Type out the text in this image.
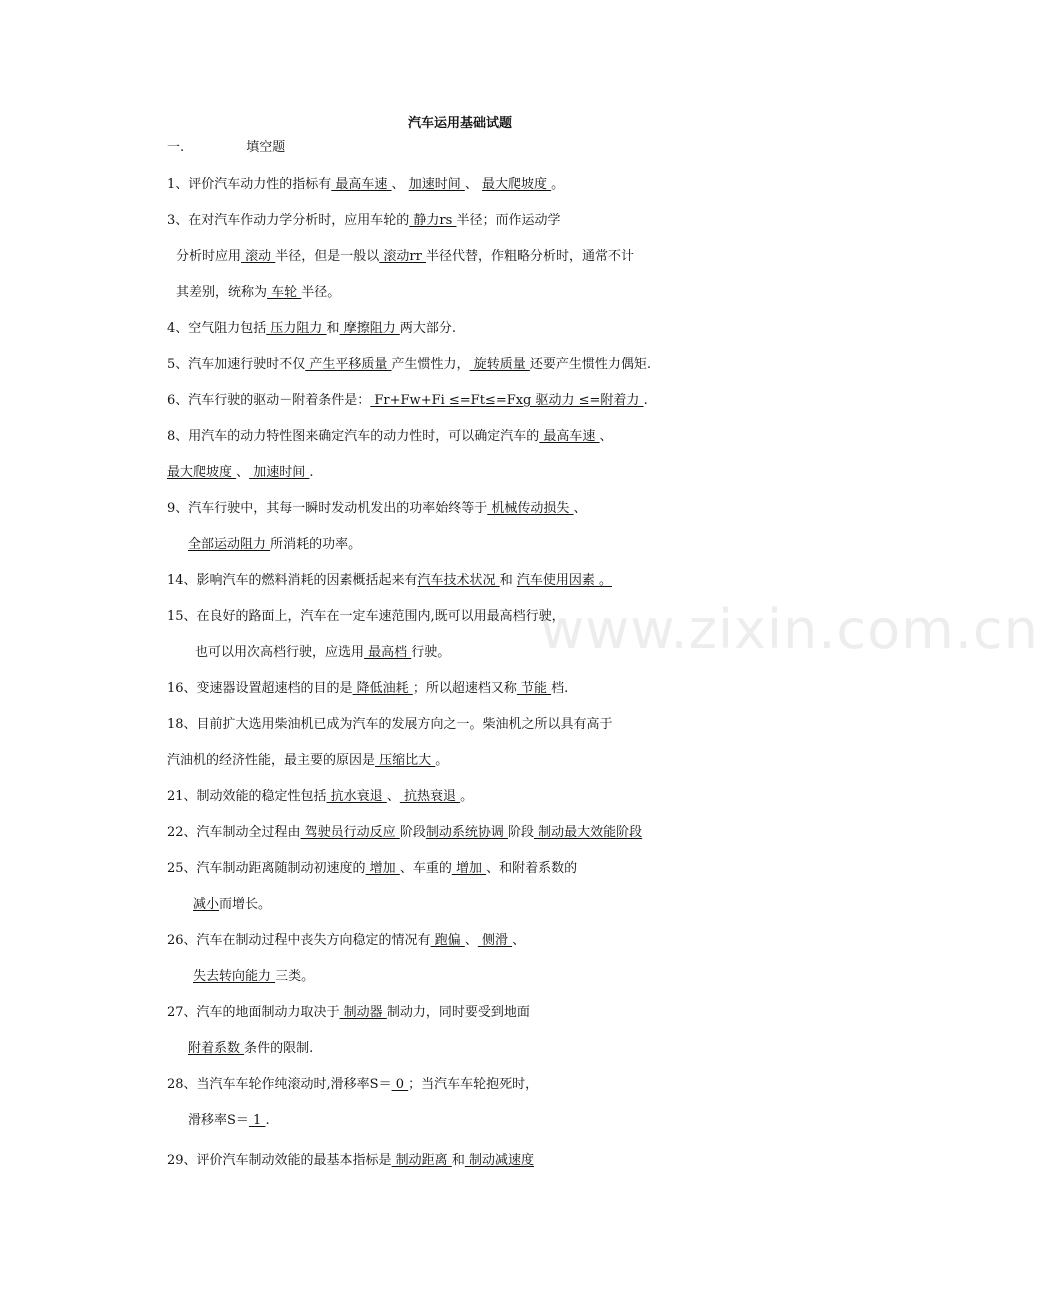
www.zixin.com.cn
汽车运用基础试题
一.	填空题
1、评价汽车动力性的指标有 最高车速 、 加速时间 、 最大爬坡度 。
3、在对汽车作动力学分析时，应用车轮的 静力rs 半径；而作运动学
分析时应用 滚动 半径，但是一般以 滚动rr 半径代替，作粗略分析时，通常不计
其差别，统称为 车轮 半径。
4、空气阻力包括 压力阻力 和 摩擦阻力 两大部分.
5、汽车加速行驶时不仅 产生平移质量 产生惯性力， 旋转质量 还要产生惯性力偶矩.
6、汽车行驶的驱动－附着条件是： Fr+Fw+Fi ≤=Ft≤=Fxg 驱动力 ≤=附着力 .
8、用汽车的动力特性图来确定汽车的动力性时，可以确定汽车的 最高车速 、
最大爬坡度 、 加速时间 .
9、汽车行驶中，其每一瞬时发动机发出的功率始终等于 机械传动损失 、
全部运动阻力 所消耗的功率。
14、影响汽车的燃料消耗的因素概括起来有汽车技术状况 和 汽车使用因素 。
15、在良好的路面上，汽车在一定车速范围内,既可以用最高档行驶，
也可以用次高档行驶，应选用 最高档 行驶。
16、变速器设置超速档的目的是 降低油耗 ；所以超速档又称 节能 档.
18、目前扩大选用柴油机已成为汽车的发展方向之一。柴油机之所以具有高于
汽油机的经济性能，最主要的原因是 压缩比大 。
21、制动效能的稳定性包括 抗水衰退 、 抗热衰退 。
22、汽车制动全过程由 驾驶员行动反应 阶段制动系统协调 阶段 制动最大效能阶段
25、汽车制动距离随制动初速度的 增加 、车重的 增加 、和附着系数的
减小而增长。
26、汽车在制动过程中丧失方向稳定的情况有 跑偏 、 侧滑 、
失去转向能力 三类。
27、汽车的地面制动力取决于 制动器 制动力，同时要受到地面
附着系数 条件的限制.
28、当汽车车轮作纯滚动时,滑移率S＝ 0 ；当汽车车轮抱死时，
滑移率S＝ 1 .
29、评价汽车制动效能的最基本指标是 制动距离 和 制动减速度
